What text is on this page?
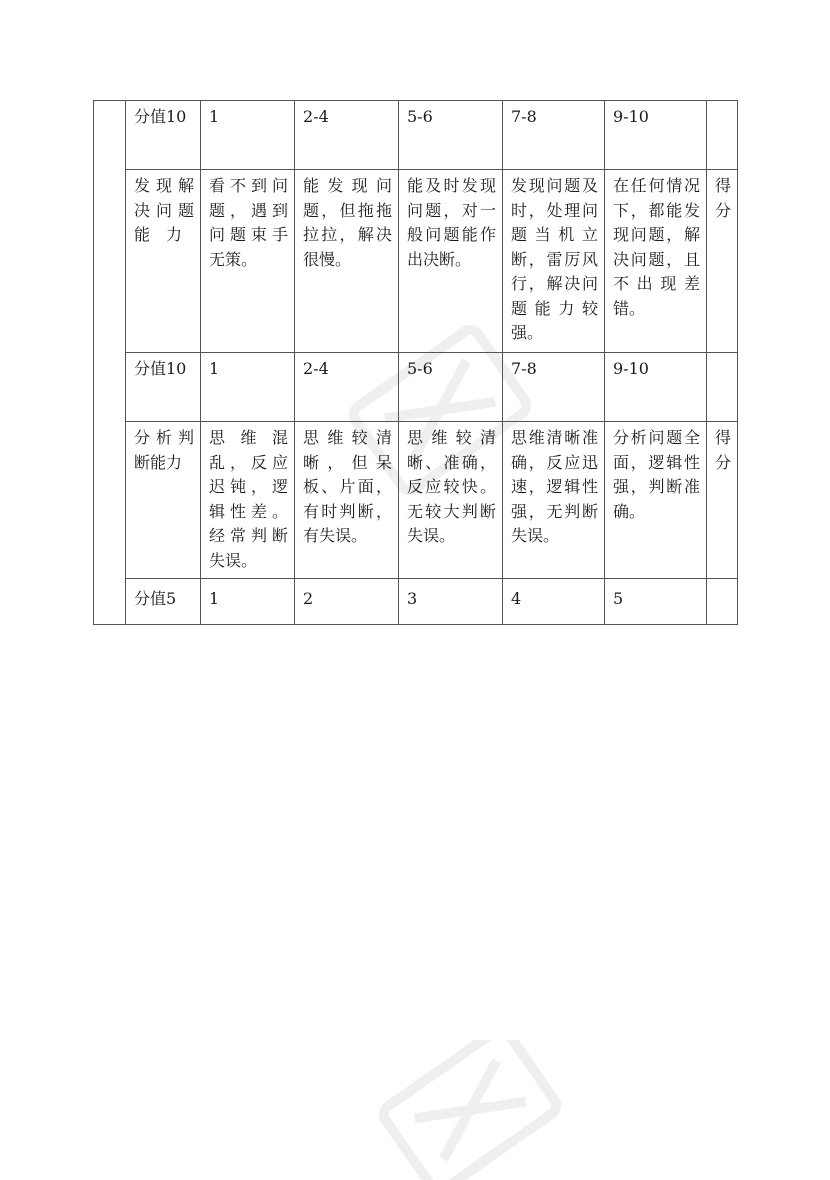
	分值10	1	2-4	5-6	7-8	9-10	
	发现解决问题能　力	看不到问题，遇到问题束手无策。	能发现问题，但拖拖拉拉，解决很慢。	能及时发现问题，对一般问题能作出决断。	发现问题及时，处理问题当机立断，雷厉风行，解决问题能力较强。	在任何情况下，都能发现问题，解决问题，且不出现差错。	得分
	分值10	1	2-4	5-6	7-8	9-10	
	分析判断能力	思维混乱，反应迟钝，逻辑性差。经常判断失误。	思维较清晰，但呆板、片面，有时判断，有失误。	思维较清晰、准确，反应较快。无较大判断失误。	思维清晰准确，反应迅速，逻辑性强，无判断失误。	分析问题全面，逻辑性强，判断准确。	得分
	分值5	1	2	3	4	5	
